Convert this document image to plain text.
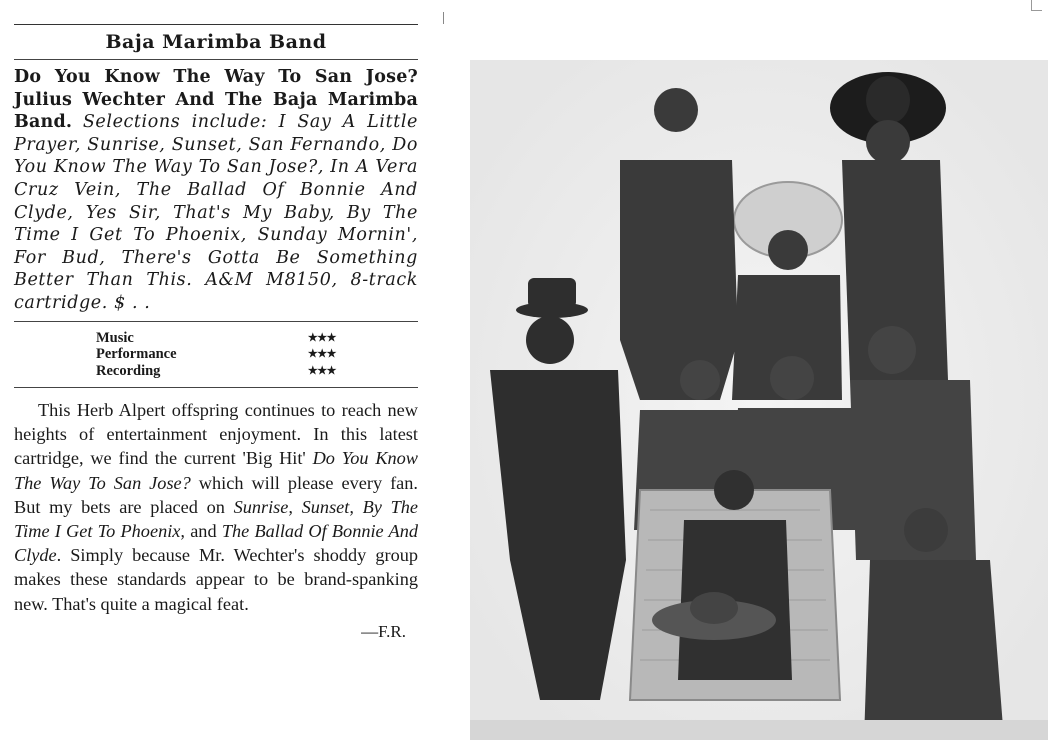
Baja Marimba Band
Do You Know The Way To San Jose? Julius Wechter And The Baja Marimba Band. Selections include: I Say A Little Prayer, Sunrise, Sunset, San Fernando, Do You Know The Way To San Jose?, In A Vera Cruz Vein, The Ballad Of Bonnie And Clyde, Yes Sir, That's My Baby, By The Time I Get To Phoenix, Sunday Mornin', For Bud, There's Gotta Be Something Better Than This. A&M M8150, 8-track cartridge. $ . .
Music	★★★
Performance	★★★
Recording	★★★

This Herb Alpert offspring continues to reach new heights of entertainment enjoyment. In this latest cartridge, we find the current 'Big Hit' Do You Know The Way To San Jose? which will please every fan. But my bets are placed on Sunrise, Sunset, By The Time I Get To Phoenix, and The Ballad Of Bonnie And Clyde. Simply because Mr. Wechter's shoddy group makes these standards appear to be brand-spanking new. That's quite a magical feat.

—F.R.
